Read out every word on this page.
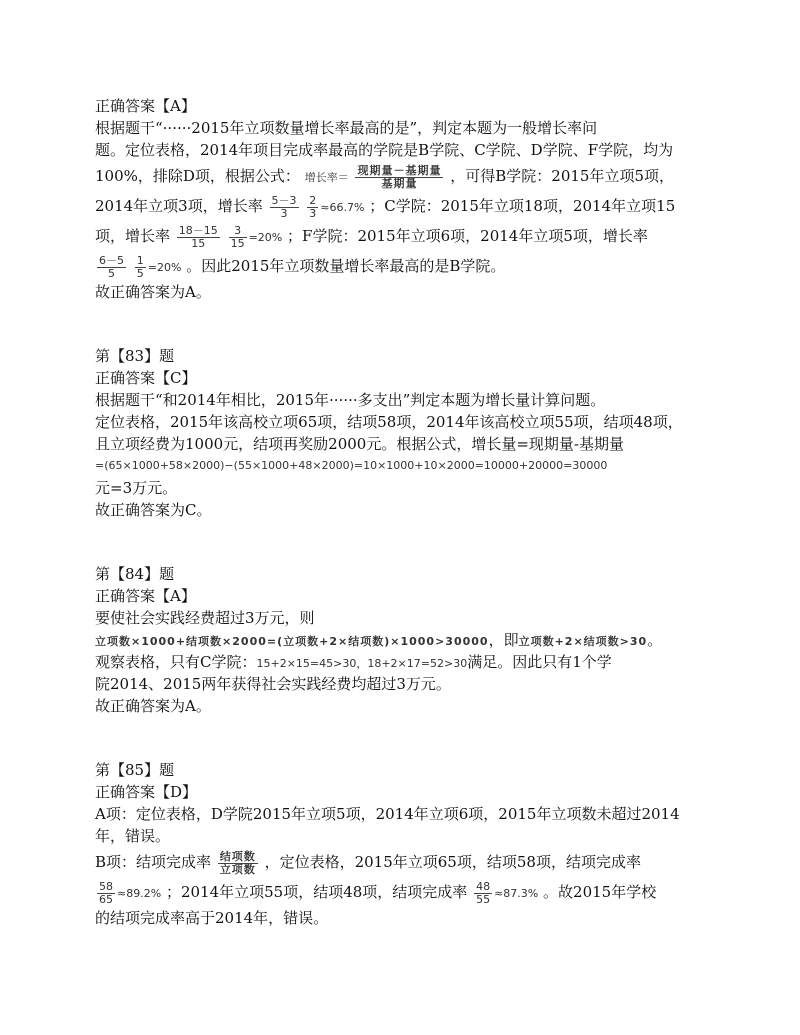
正确答案【A】
根据题干“······2015年立项数量增长率最高的是”，判定本题为一般增长率问
题。定位表格，2014年项目完成率最高的学院是B学院、C学院、D学院、F学院，均为
100%，排除D项，根据公式： 增长率＝ $\frac{\text{现期量－基期量}}{\text{基期量}}$ ，可得B学院：2015年立项5项，
2014年立项3项，增长率 $\frac{5-3}{3}$
$\frac{2}{3} \approx 66.7\%$ ；C学院：2015年立项18项，2014年立项15
项，增长率 $\frac{18-15}{15}$
$\frac{3}{15} =20\%$ ；F学院：2015年立项6项，2014年立项5项，增长率
$\frac{6-5}{5}$
$\frac{1}{5} =20\%$ 。因此2015年立项数量增长率最高的是B学院。
故正确答案为A。
第【83】题
正确答案【C】
根据题干“和2014年相比，2015年······多支出”判定本题为增长量计算问题。
定位表格，2015年该高校立项65项，结项58项，2014年该高校立项55项，结项48项，
且立项经费为1000元，结项再奖励2000元。根据公式，增长量=现期量-基期量
=(65×1000+58×2000)−(55×1000+48×2000)=10×1000+10×2000=10000+20000=30000
元=3万元。
故正确答案为C。
第【84】题
正确答案【A】
要使社会实践经费超过3万元，则
立项数×1000+结项数×2000=(立项数+2×结项数)×1000>30000，即立项数+2×结项数>30。
观察表格，只有C学院：15+2×15=45>30，18+2×17=52>30满足。因此只有1个学
院2014、2015两年获得社会实践经费均超过3万元。
故正确答案为A。
第【85】题
正确答案【D】
A项：定位表格，D学院2015年立项5项，2014年立项6项，2015年立项数未超过2014
年，错误。
B项：结项完成率 $\frac{\text{结项数}}{\text{立项数}}$ ，定位表格，2015年立项65项，结项58项，结项完成率
$\frac{58}{65} \approx 89.2\%$ ；2014年立项55项，结项48项，结项完成率 $\frac{48}{55} \approx 87.3\%$ 。故2015年学校
的结项完成率高于2014年，错误。
